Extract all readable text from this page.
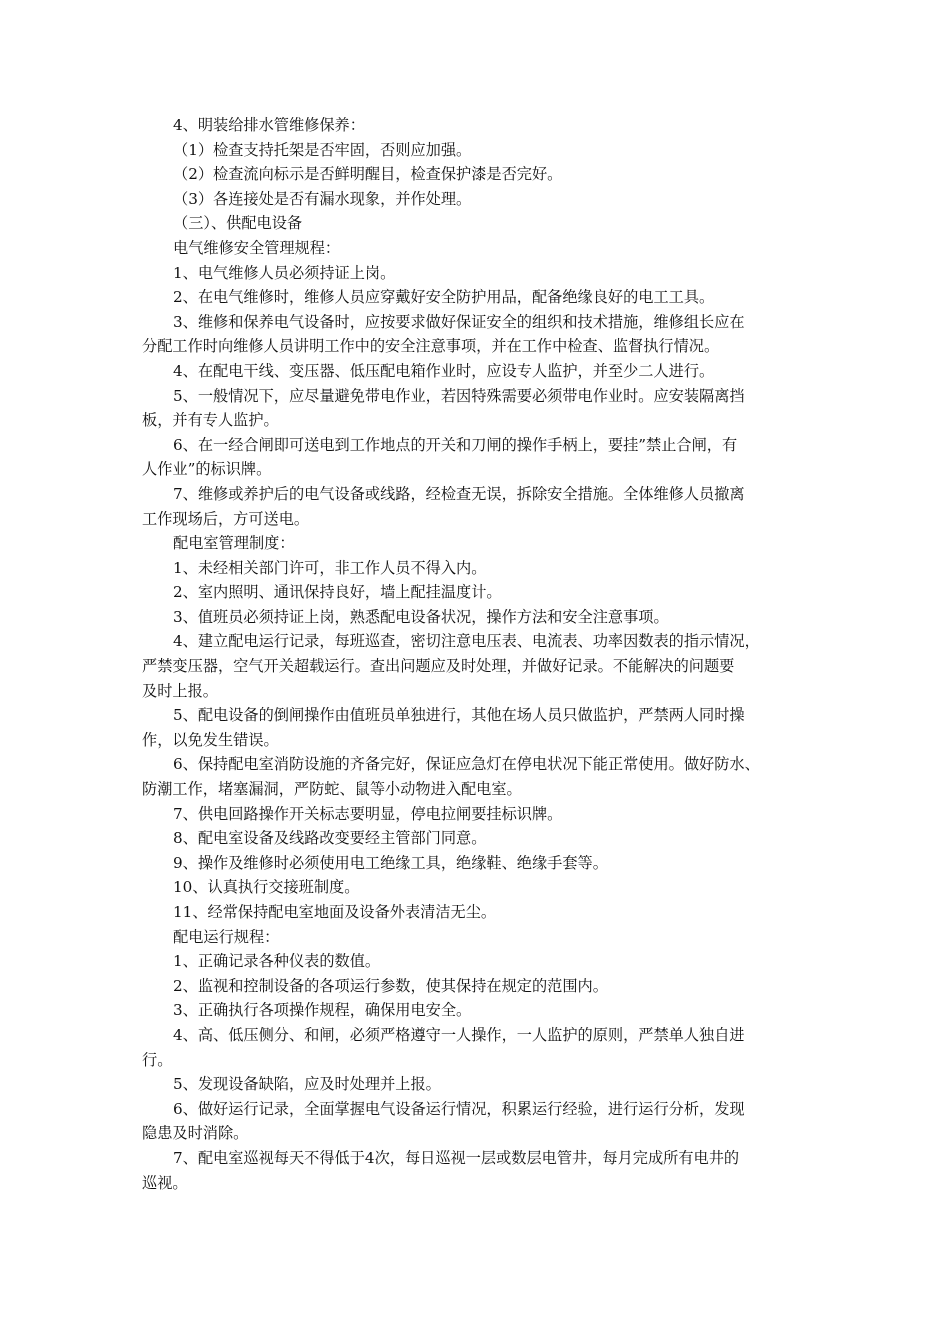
4、明装给排水管维修保养：

（1）检查支持托架是否牢固，否则应加强。

（2）检查流向标示是否鲜明醒目，检查保护漆是否完好。

（3）各连接处是否有漏水现象，并作处理。

（三）、供配电设备

电气维修安全管理规程：

1、电气维修人员必须持证上岗。

2、在电气维修时，维修人员应穿戴好安全防护用品，配备绝缘良好的电工工具。

3、维修和保养电气设备时，应按要求做好保证安全的组织和技术措施，维修组长应在
分配工作时向维修人员讲明工作中的安全注意事项，并在工作中检查、监督执行情况。

4、在配电干线、变压器、低压配电箱作业时，应设专人监护，并至少二人进行。

5、一般情况下，应尽量避免带电作业，若因特殊需要必须带电作业时。应安装隔离挡
板，并有专人监护。

6、在一经合闸即可送电到工作地点的开关和刀闸的操作手柄上，要挂”禁止合闸，有
人作业”的标识牌。

7、维修或养护后的电气设备或线路，经检查无误，拆除安全措施。全体维修人员撤离
工作现场后，方可送电。

配电室管理制度：

1、未经相关部门许可，非工作人员不得入内。

2、室内照明、通讯保持良好，墙上配挂温度计。

3、值班员必须持证上岗，熟悉配电设备状况，操作方法和安全注意事项。

4、建立配电运行记录，每班巡查，密切注意电压表、电流表、功率因数表的指示情况，
严禁变压器，空气开关超载运行。查出问题应及时处理，并做好记录。不能解决的问题要
及时上报。

5、配电设备的倒闸操作由值班员单独进行，其他在场人员只做监护，严禁两人同时操
作，以免发生错误。

6、保持配电室消防设施的齐备完好，保证应急灯在停电状况下能正常使用。做好防水、
防潮工作，堵塞漏洞，严防蛇、鼠等小动物进入配电室。

7、供电回路操作开关标志要明显，停电拉闸要挂标识牌。

8、配电室设备及线路改变要经主管部门同意。

9、操作及维修时必须使用电工绝缘工具，绝缘鞋、绝缘手套等。

10、认真执行交接班制度。

11、经常保持配电室地面及设备外表清洁无尘。

配电运行规程：

1、正确记录各种仪表的数值。

2、监视和控制设备的各项运行参数，使其保持在规定的范围内。

3、正确执行各项操作规程，确保用电安全。

4、高、低压侧分、和闸，必须严格遵守一人操作，一人监护的原则，严禁单人独自进
行。

5、发现设备缺陷，应及时处理并上报。

6、做好运行记录，全面掌握电气设备运行情况，积累运行经验，进行运行分析，发现
隐患及时消除。

7、配电室巡视每天不得低于4次，每日巡视一层或数层电管井，每月完成所有电井的
巡视。
